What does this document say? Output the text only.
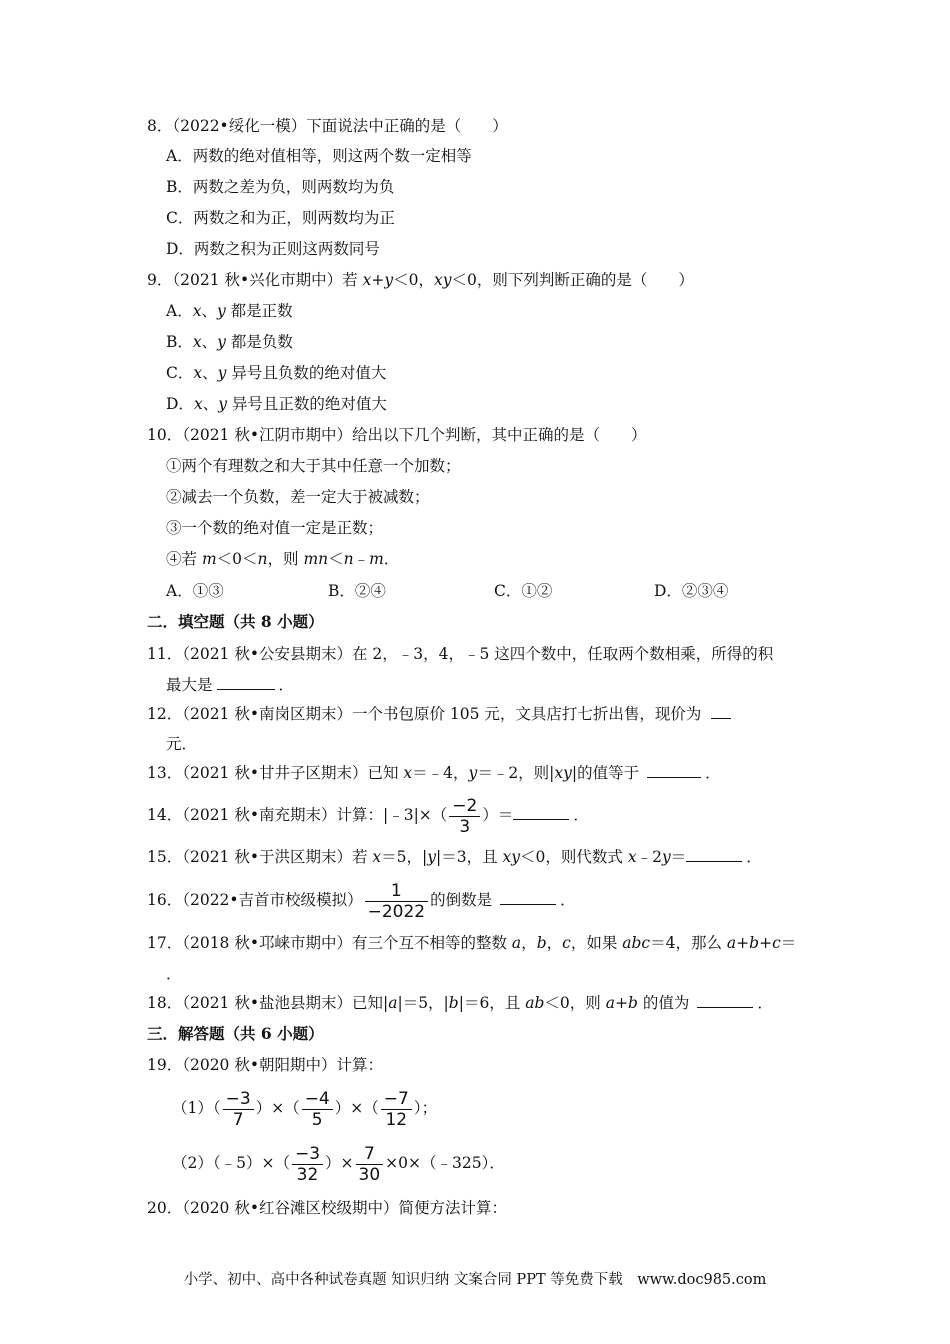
8．（2022•绥化一模）下面说法中正确的是（　　）
A．两数的绝对值相等，则这两个数一定相等
B．两数之差为负，则两数均为负
C．两数之和为正，则两数均为正
D．两数之积为正则这两数同号
9．（2021 秋•兴化市期中）若 x+y＜0，xy＜0，则下列判断正确的是（　　）
A．x、y 都是正数
B．x、y 都是负数
C．x、y 异号且负数的绝对值大
D．x、y 异号且正数的绝对值大
10．（2021 秋•江阴市期中）给出以下几个判断，其中正确的是（　　）
①两个有理数之和大于其中任意一个加数；
②减去一个负数，差一定大于被减数；
③一个数的绝对值一定是正数；
④若 m＜0＜n，则 mn＜n﹣m．
A．①③	B．②④	C．①②	D．②③④
二．填空题（共 8 小题）
11．（2021 秋•公安县期末）在 2，﹣3，4，﹣5 这四个数中，任取两个数相乘，所得的积
最大是	．
12．（2021 秋•南岗区期末）一个书包原价 105 元，文具店打七折出售，现价为
元．
13．（2021 秋•甘井子区期末）已知 x＝﹣4，y＝﹣2，则|xy|的值等于	．
14．（2021 秋•南充期末）计算：|﹣3|×（ $\frac{-2}{3}$ ）＝	．
15．（2021 秋•于洪区期末）若 x＝5，|y|＝3，且 xy＜0，则代数式 x﹣2y＝	．
16．（2022•吉首市校级模拟） $\frac{1}{-2022}$ 的倒数是	．
17．（2018 秋•邛崃市期中）有三个互不相等的整数 a，b，c，如果 abc＝4，那么 a+b+c＝
．
18．（2021 秋•盐池县期末）已知|a|＝5，|b|＝6，且 ab＜0，则 a+b 的值为	．
三．解答题（共 6 小题）
19．（2020 秋•朝阳期中）计算：
$(1)( \frac{-3}{7}$ ）×（ $\frac{-4}{5}$ ）×（ $\frac{-7}{12}$ ）；
（2）（﹣5）×（ $\frac{-3}{32}$ ）× $\frac{7}{30}$ ×0×（﹣325）．
20．（2020 秋•红谷滩区校级期中）简便方法计算：
小学、初中、高中各种试卷真题 知识归纳 文案合同 PPT 等免费下载　www.doc985.com
